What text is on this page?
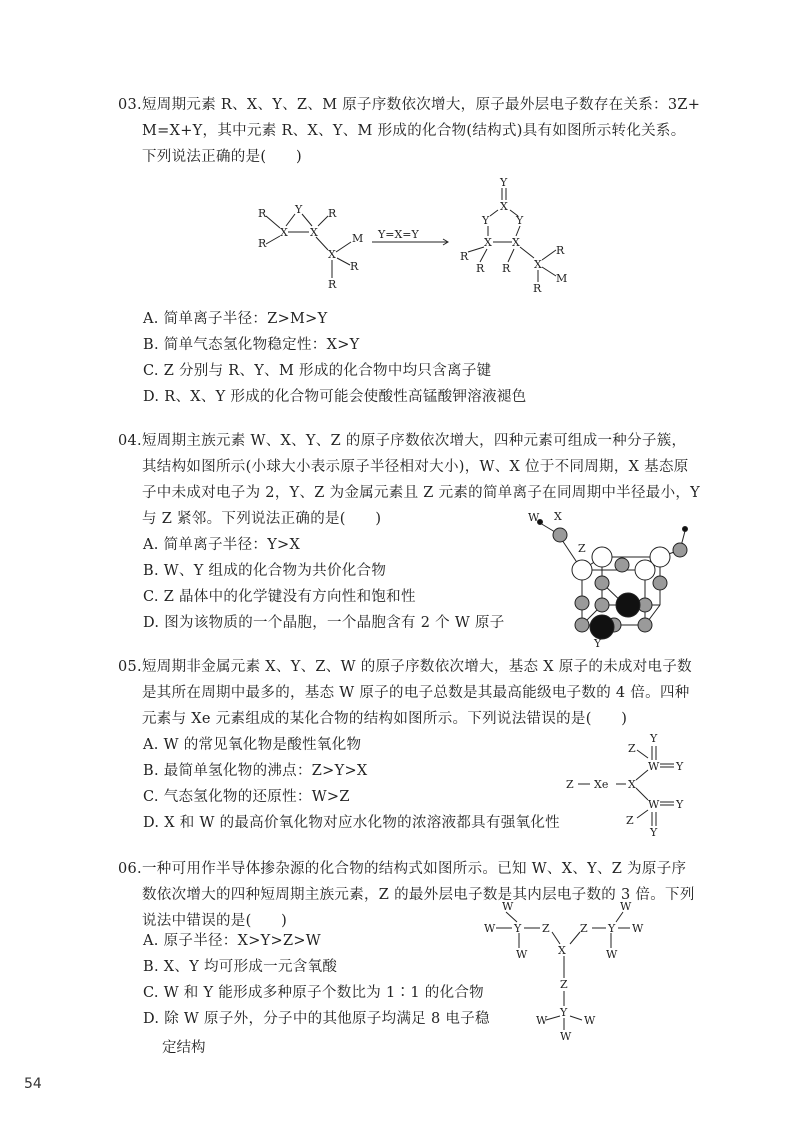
03.短周期元素 R、X、Y、Z、M 原子序数依次增大，原子最外层电子数存在关系：3Z+
M=X+Y，其中元素 R、X、Y、M 形成的化合物(结构式)具有如图所示转化关系。
下列说法正确的是(　　)
R
R
Y R
X X
X
M
R
R
Y=X=Y
Y
X
Y Y
X X
R
R R X
R
M
R
A. 简单离子半径：Z>M>Y
B. 简单气态氢化物稳定性：X>Y
C. Z 分别与 R、Y、M 形成的化合物中均只含离子键
D. R、X、Y 形成的化合物可能会使酸性高锰酸钾溶液褪色
04.短周期主族元素 W、X、Y、Z 的原子序数依次增大，四种元素可组成一种分子簇，
其结构如图所示(小球大小表示原子半径相对大小)，W、X 位于不同周期，X 基态原
子中未成对电子为 2，Y、Z 为金属元素且 Z 元素的简单离子在同周期中半径最小，Y
与 Z 紧邻。下列说法正确的是(　　)	W X
Z
Y
A. 简单离子半径：Y>X
B. W、Y 组成的化合物为共价化合物
C. Z 晶体中的化学键没有方向性和饱和性
D. 图为该物质的一个晶胞，一个晶胞含有 2 个 W 原子
05.短周期非金属元素 X、Y、Z、W 的原子序数依次增大，基态 X 原子的未成对电子数
是其所在周期中最多的，基态 W 原子的电子总数是其最高能级电子数的 4 倍。四种
元素与 Xe 元素组成的某化合物的结构如图所示。下列说法错误的是(　　)
Y
Z
W Y
Z Xe X
Z
W Y
Y
A. W 的常见氧化物是酸性氧化物
B. 最简单氢化物的沸点：Z>Y>X
C. 气态氢化物的还原性：W>Z
D. X 和 W 的最高价氧化物对应水化物的浓溶液都具有强氧化性
06.一种可用作半导体掺杂源的化合物的结构式如图所示。已知 W、X、Y、Z 为原子序
数依次增大的四种短周期主族元素，Z 的最外层电子数是其内层电子数的 3 倍。下列
说法中错误的是(　　)
W
W Y Z
W	X
Z Y
W
W
W
Z
Y
W	W
W
A. 原子半径：X>Y>Z>W
B. X、Y 均可形成一元含氧酸
C. W 和 Y 能形成多种原子个数比为 1∶1 的化合物
D. 除 W 原子外，分子中的其他原子均满足 8 电子稳
定结构
54
